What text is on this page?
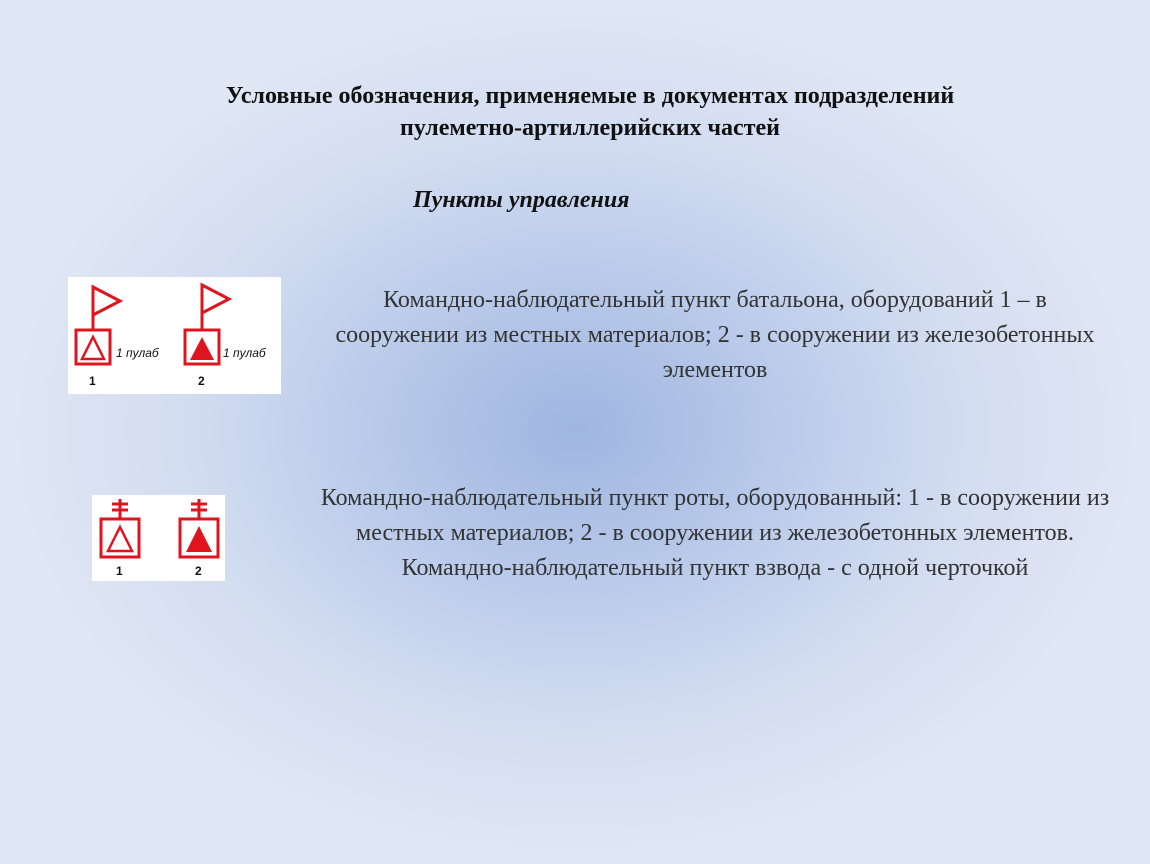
Условные обозначения, применяемые в документах подразделений
пулеметно-артиллерийских частей
Пункты управления
1 пулаб
1
1 пулаб
2
Командно-наблюдательный пункт батальона, оборудований 1 – в сооружении из местных материалов; 2 - в сооружении из железобетонных элементов
1	2
Командно-наблюдательный пункт роты, оборудованный: 1 - в сооружении из местных материалов; 2 - в сооружении из железобетонных элементов. Командно-наблюдательный пункт взвода - с одной черточкой
